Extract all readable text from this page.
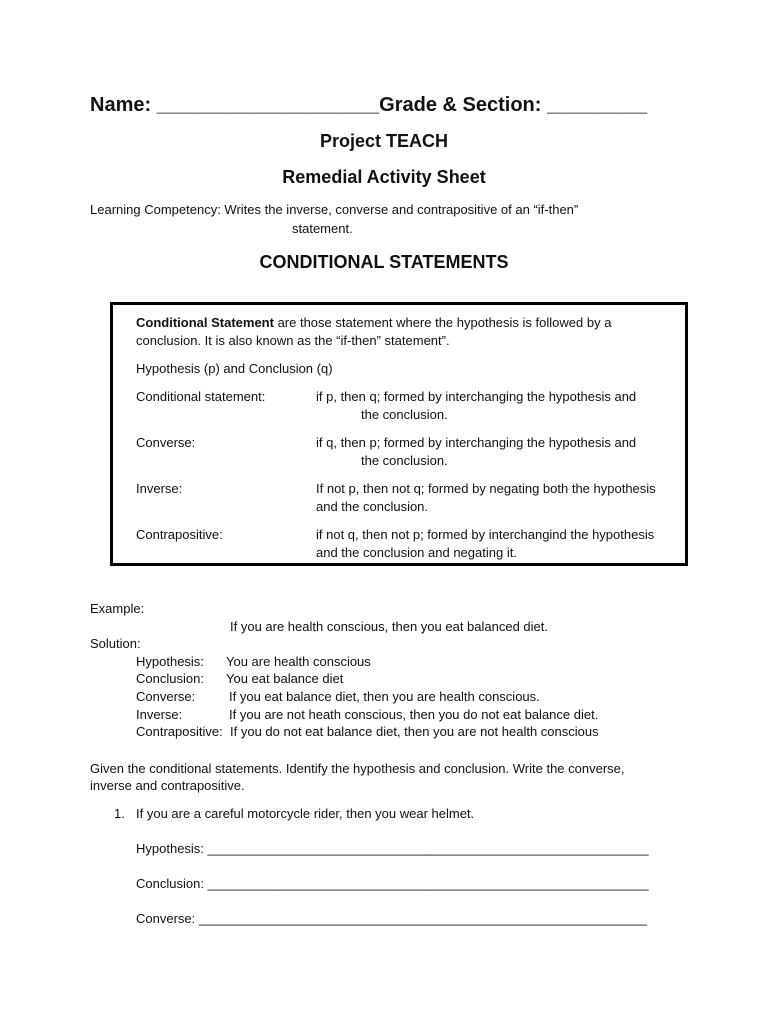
Name: ____________________Grade & Section: _________
Project TEACH
Remedial Activity Sheet
Learning Competency: Writes the inverse, converse and contrapositive of an “if-then”
statement.
CONDITIONAL STATEMENTS
Conditional Statement are those statement where the hypothesis is followed by a
conclusion. It is also known as the “if-then” statement”.
Hypothesis (p) and Conclusion (q)
Conditional statement:	if p, then q; formed by interchanging the hypothesis and
the conclusion.
Converse:	if q, then p; formed by interchanging the hypothesis and
the conclusion.
Inverse:	If not p, then not q; formed by negating both the hypothesis
and the conclusion.
Contrapositive:	if not q, then not p; formed by interchangind the hypothesis
and the conclusion and negating it.
Example:
If you are health conscious, then you eat balanced diet.
Solution:
Hypothesis: You are health conscious
Conclusion: You eat balance diet
Converse:	If you eat balance diet, then you are health conscious.
Inverse:	If you are not heath conscious, then you do not eat balance diet.
Contrapositive: If you do not eat balance diet, then you are not health conscious
Given the conditional statements. Identify the hypothesis and conclusion. Write the converse,
inverse and contrapositive.
1. If you are a careful motorcycle rider, then you wear helmet.
Hypothesis: _____________________________________________________________
Conclusion: _____________________________________________________________
Converse: ______________________________________________________________
